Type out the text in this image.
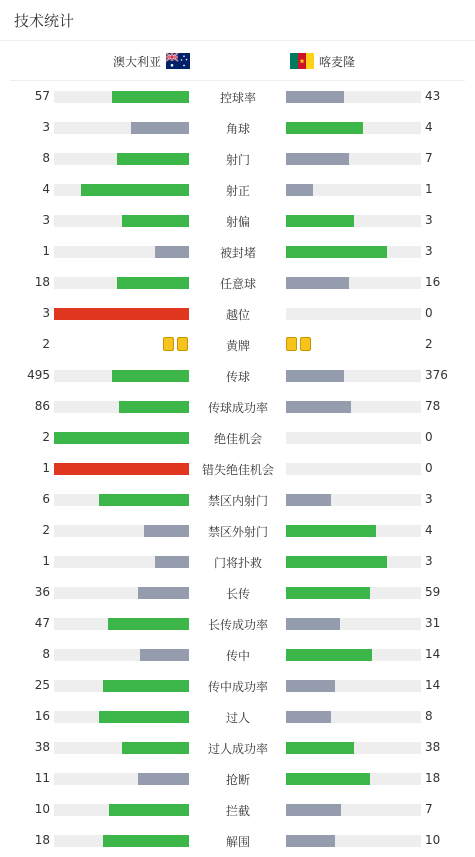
技术统计
澳大利亚	喀麦隆
57	控球率	43
3	角球	4
8	射门	7
4	射正	1
3	射偏	3
1	被封堵	3
18	任意球	16
3	越位	0
2	黄牌	2
495	传球	376
86	传球成功率	78
2	绝佳机会	0
1	错失绝佳机会	0
6	禁区内射门	3
2	禁区外射门	4
1	门将扑救	3
36	长传	59
47	长传成功率	31
8	传中	14
25	传中成功率	14
16	过人	8
38	过人成功率	38
11	抢断	18
10	拦截	7
18	解围	10
